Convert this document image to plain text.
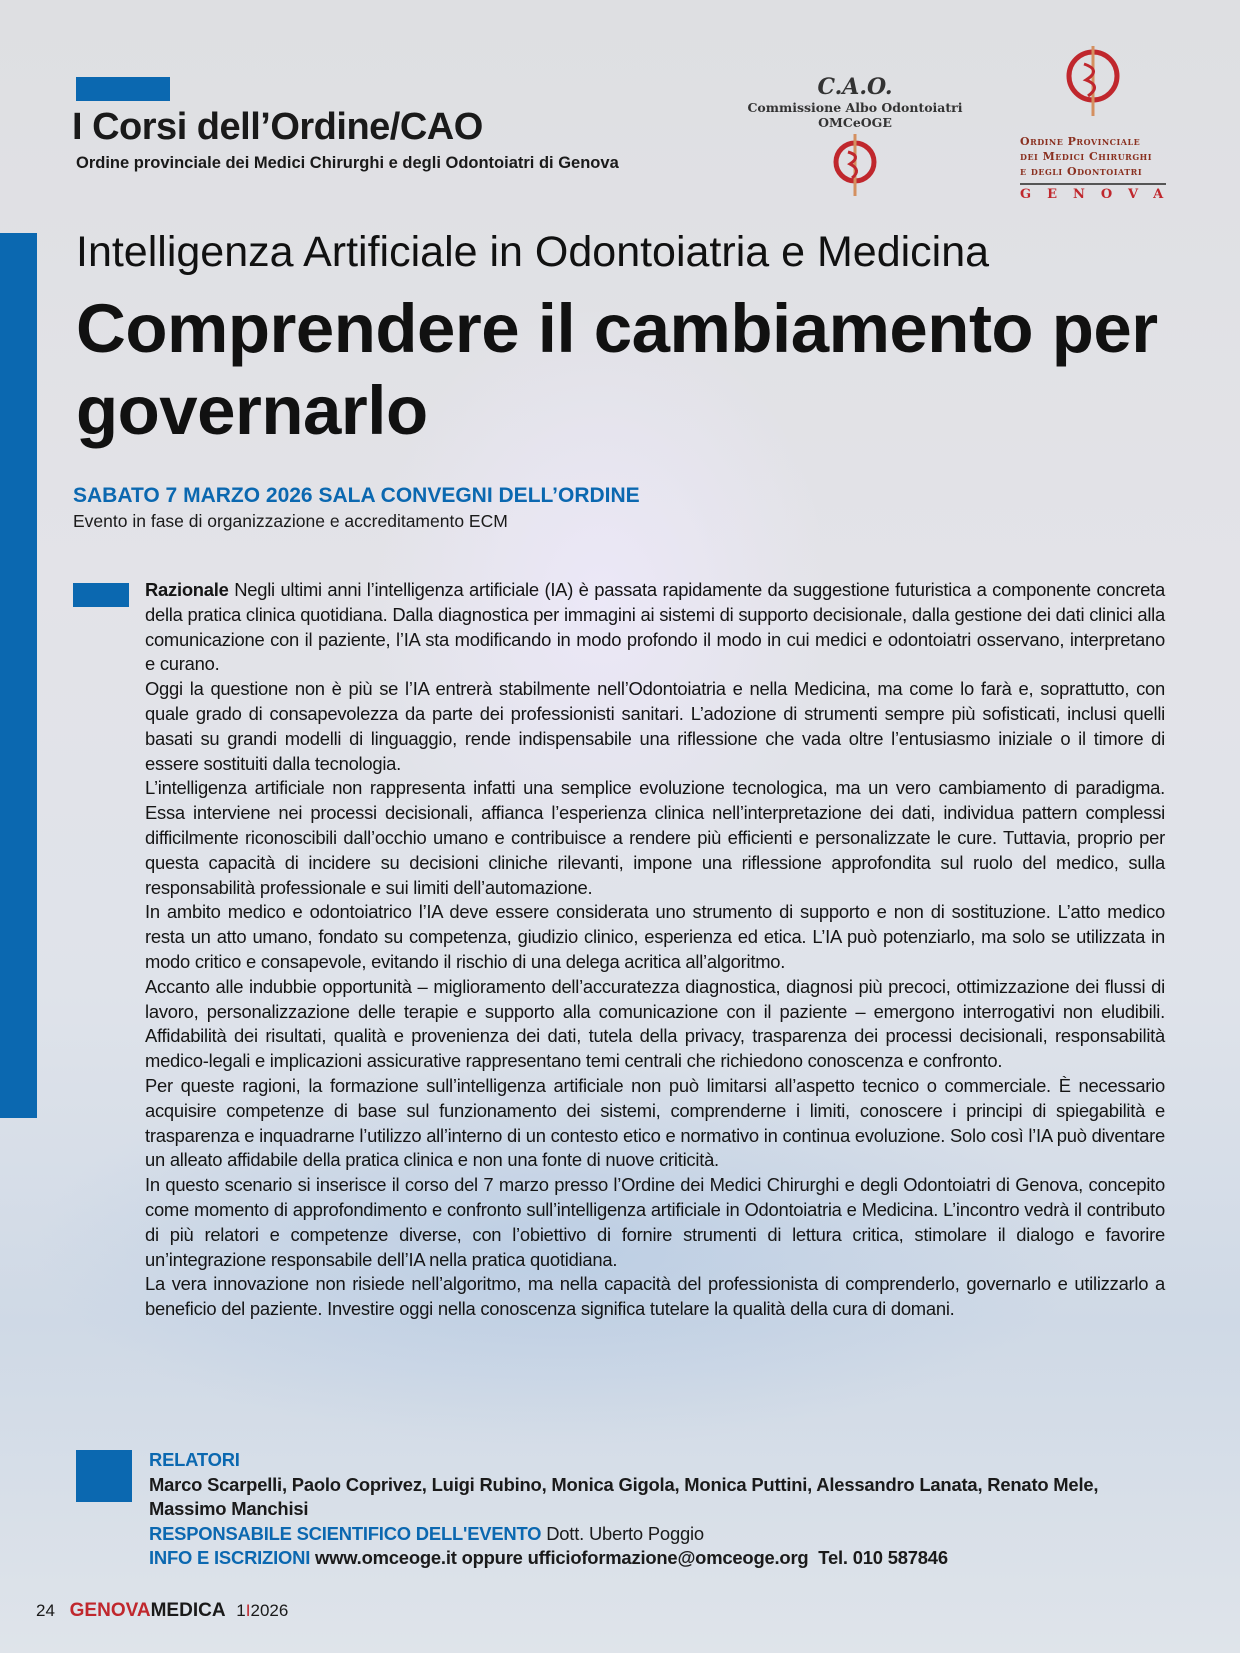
I Corsi dell’Ordine/CAO
Ordine provinciale dei Medici Chirurghi e degli Odontoiatri di Genova
C.A.O.
Commissione Albo Odontoiatri
OMCeOGE
Ordine Provinciale
dei Medici Chirurghi
e degli Odontoiatri
GENOVA
Intelligenza Artificiale in Odontoiatria e Medicina
Comprendere il cambiamento per governarlo
SABATO 7 MARZO 2026 SALA CONVEGNI DELL’ORDINE
Evento in fase di organizzazione e accreditamento ECM
Razionale Negli ultimi anni l’intelligenza artificiale (IA) è passata rapidamente da suggestione futuristica a componente concreta della pratica clinica quotidiana. Dalla diagnostica per immagini ai sistemi di supporto decisionale, dalla gestione dei dati clinici alla comunicazione con il paziente, l’IA sta modificando in modo profondo il modo in cui medici e odontoiatri osservano, interpretano e curano.
Oggi la questione non è più se l’IA entrerà stabilmente nell’Odontoiatria e nella Medicina, ma come lo farà e, soprattutto, con quale grado di consapevolezza da parte dei professionisti sanitari. L’adozione di strumenti sempre più sofisticati, inclusi quelli basati su grandi modelli di linguaggio, rende indispensabile una riflessione che vada oltre l’entusiasmo iniziale o il timore di essere sostituiti dalla tecnologia.
L’intelligenza artificiale non rappresenta infatti una semplice evoluzione tecnologica, ma un vero cambiamento di paradigma. Essa interviene nei processi decisionali, affianca l’esperienza clinica nell’interpretazione dei dati, individua pattern complessi difficilmente riconoscibili dall’occhio umano e contribuisce a rendere più efficienti e personalizzate le cure. Tuttavia, proprio per questa capacità di incidere su decisioni cliniche rilevanti, impone una riflessione approfondita sul ruolo del medico, sulla responsabilità professionale e sui limiti dell’automazione.
In ambito medico e odontoiatrico l’IA deve essere considerata uno strumento di supporto e non di sostituzione. L’atto medico resta un atto umano, fondato su competenza, giudizio clinico, esperienza ed etica. L’IA può potenziarlo, ma solo se utilizzata in modo critico e consapevole, evitando il rischio di una delega acritica all’algoritmo.
Accanto alle indubbie opportunità – miglioramento dell’accuratezza diagnostica, diagnosi più precoci, ottimizzazione dei flussi di lavoro, personalizzazione delle terapie e supporto alla comunicazione con il paziente – emergono interrogativi non eludibili. Affidabilità dei risultati, qualità e provenienza dei dati, tutela della privacy, trasparenza dei processi decisionali, responsabilità medico-legali e implicazioni assicurative rappresentano temi centrali che richiedono conoscenza e confronto.
Per queste ragioni, la formazione sull’intelligenza artificiale non può limitarsi all’aspetto tecnico o commerciale. È necessario acquisire competenze di base sul funzionamento dei sistemi, comprenderne i limiti, conoscere i principi di spiegabilità e trasparenza e inquadrarne l’utilizzo all’interno di un contesto etico e normativo in continua evoluzione. Solo così l’IA può diventare un alleato affidabile della pratica clinica e non una fonte di nuove criticità.
In questo scenario si inserisce il corso del 7 marzo presso l’Ordine dei Medici Chirurghi e degli Odontoiatri di Genova, concepito come momento di approfondimento e confronto sull’intelligenza artificiale in Odontoiatria e Medicina. L’incontro vedrà il contributo di più relatori e competenze diverse, con l’obiettivo di fornire strumenti di lettura critica, stimolare il dialogo e favorire un’integrazione responsabile dell’IA nella pratica quotidiana.
La vera innovazione non risiede nell’algoritmo, ma nella capacità del professionista di comprenderlo, governarlo e utilizzarlo a beneficio del paziente. Investire oggi nella conoscenza significa tutelare la qualità della cura di domani.
RELATORI
Marco Scarpelli, Paolo Coprivez, Luigi Rubino, Monica Gigola, Monica Puttini, Alessandro Lanata, Renato Mele, Massimo Manchisi
RESPONSABILE SCIENTIFICO DELL'EVENTO Dott. Uberto Poggio
INFO E ISCRIZIONI www.omceoge.it oppure ufficioformazione@omceoge.org  Tel. 010 587846
24 GENOVAMEDICA 1I2026
